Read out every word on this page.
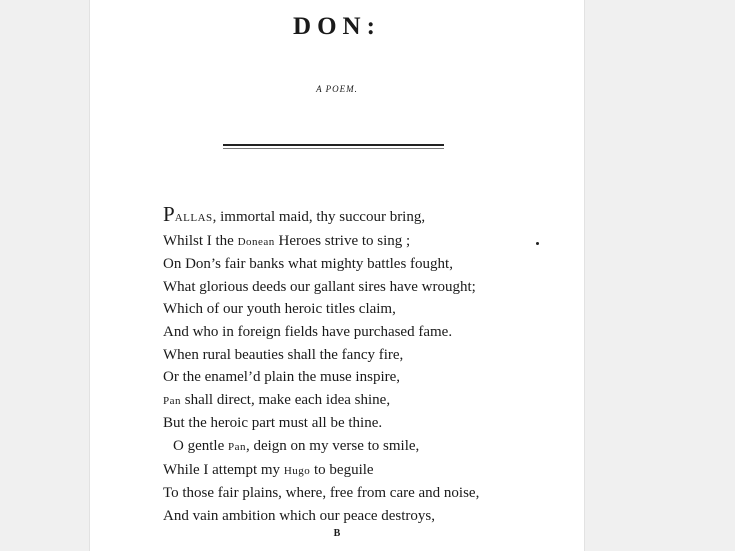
DON:

A POEM.

PALLAS, immortal maid, thy succour bring,
Whilst I the Donean Heroes strive to sing ;
On Don’s fair banks what mighty battles fought,
What glorious deeds our gallant sires have wrought;
Which of our youth heroic titles claim,
And who in foreign fields have purchased fame.
When rural beauties shall the fancy fire,
Or the enamel’d plain the muse inspire,
Pan shall direct, make each idea shine,
But the heroic part must all be thine.
O gentle Pan, deign on my verse to smile,
While I attempt my Hugo to beguile
To those fair plains, where, free from care and noise,
And vain ambition which our peace destroys,

B
